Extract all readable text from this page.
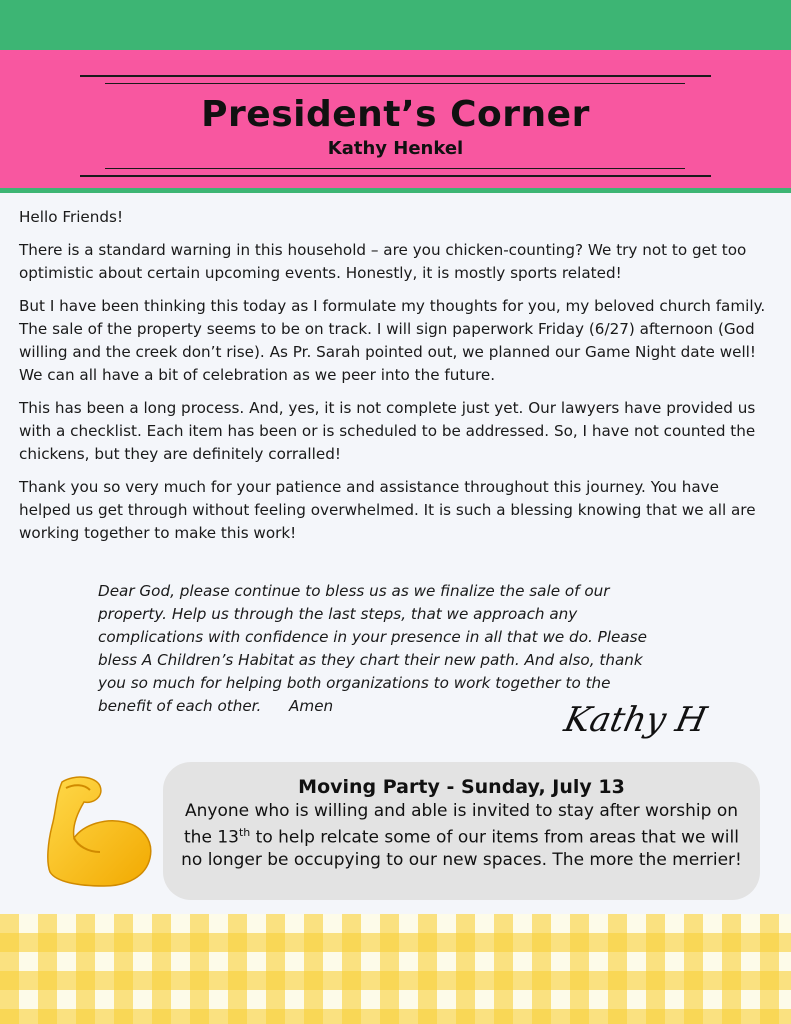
President’s Corner
Kathy Henkel

Hello Friends!

There is a standard warning in this household – are you chicken-counting? We try not to get too optimistic about certain upcoming events. Honestly, it is mostly sports related!

But I have been thinking this today as I formulate my thoughts for you, my beloved church family. The sale of the property seems to be on track. I will sign paperwork Friday (6/27) afternoon (God willing and the creek don’t rise). As Pr. Sarah pointed out, we planned our Game Night date well! We can all have a bit of celebration as we peer into the future.

This has been a long process. And, yes, it is not complete just yet. Our lawyers have provided us with a checklist. Each item has been or is scheduled to be addressed. So, I have not counted the chickens, but they are definitely corralled!

Thank you so very much for your patience and assistance throughout this journey. You have helped us get through without feeling overwhelmed. It is such a blessing knowing that we all are working together to make this work!

Dear God, please continue to bless us as we finalize the sale of our property. Help us through the last steps, that we approach any complications with confidence in your presence in all that we do. Please bless A Children’s Habitat as they chart their new path. And also, thank you so much for helping both organizations to work together to the benefit of each other. Amen	Kathy H
Moving Party - Sunday, July 13
Anyone who is willing and able is invited to stay after worship on the 13th to help relcate some of our items from areas that we will no longer be occupying to our new spaces. The more the merrier!
